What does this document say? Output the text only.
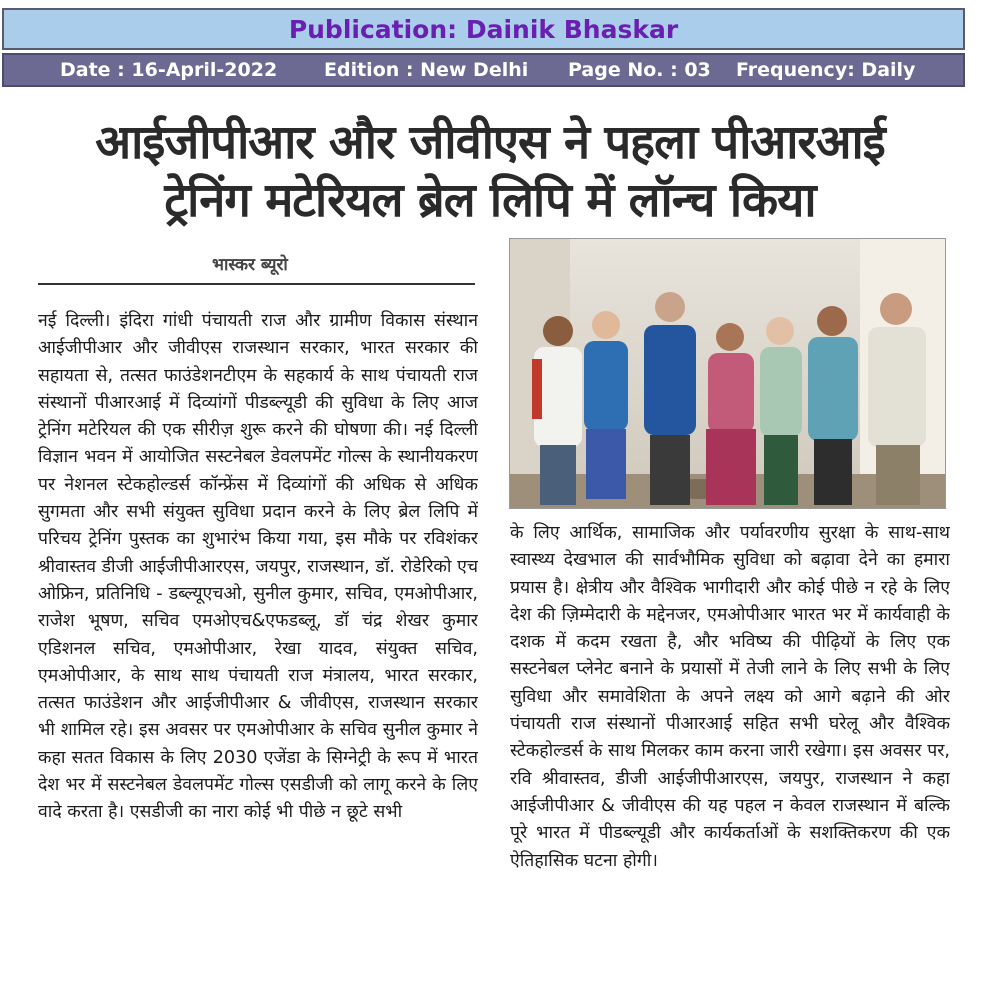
Publication: Dainik Bhaskar
Date : 16-April-2022 Edition : New Delhi Page No. : 03 Frequency: Daily
आईजीपीआर और जीवीएस ने पहला पीआरआई
ट्रेनिंग मटेरियल ब्रेल लिपि में लॉन्च किया
भास्कर ब्यूरो
नई दिल्ली। इंदिरा गांधी पंचायती राज और ग्रामीण विकास संस्थान आईजीपीआर और जीवीएस राजस्थान सरकार, भारत सरकार की सहायता से, तत्सत फाउंडेशनटीएम के सहकार्य के साथ पंचायती राज संस्थानों पीआरआई में दिव्यांगों पीडब्ल्यूडी की सुविधा के लिए आज ट्रेनिंग मटेरियल की एक सीरीज़ शुरू करने की घोषणा की। नई दिल्ली विज्ञान भवन में आयोजित सस्टनेबल डेवलपमेंट गोल्स के स्थानीयकरण पर नेशनल स्टेकहोल्डर्स कॉन्फ्रेंस में दिव्यांगों की अधिक से अधिक सुगमता और सभी संयुक्त सुविधा प्रदान करने के लिए ब्रेल लिपि में परिचय ट्रेनिंग पुस्तक का शुभारंभ किया गया, इस मौके पर रविशंकर श्रीवास्तव डीजी आईजीपीआरएस, जयपुर, राजस्थान, डॉ. रोडेरिको एच ओफ्रिन, प्रतिनिधि - डब्ल्यूएचओ, सुनील कुमार, सचिव, एमओपीआर, राजेश भूषण, सचिव एमओएच&एफडब्लू, डॉ चंद्र शेखर कुमार एडिशनल सचिव, एमओपीआर, रेखा यादव, संयुक्त सचिव, एमओपीआर, के साथ साथ पंचायती राज मंत्रालय, भारत सरकार, तत्सत फाउंडेशन और आईजीपीआर & जीवीएस, राजस्थान सरकार भी शामिल रहे। इस अवसर पर एमओपीआर के सचिव सुनील कुमार ने कहा सतत विकास के लिए 2030 एजेंडा के सिग्नेट्री के रूप में भारत देश भर में सस्टनेबल डेवलपमेंट गोल्स एसडीजी को लागू करने के लिए वादे करता है। एसडीजी का नारा कोई भी पीछे न छूटे सभी
के लिए आर्थिक, सामाजिक और पर्यावरणीय सुरक्षा के साथ-साथ स्वास्थ्य देखभाल की सार्वभौमिक सुविधा को बढ़ावा देने का हमारा प्रयास है। क्षेत्रीय और वैश्विक भागीदारी और कोई पीछे न रहे के लिए देश की ज़िम्मेदारी के मद्देनजर, एमओपीआर भारत भर में कार्यवाही के दशक में कदम रखता है, और भविष्य की पीढ़ियों के लिए एक सस्टनेबल प्लेनेट बनाने के प्रयासों में तेजी लाने के लिए सभी के लिए सुविधा और समावेशिता के अपने लक्ष्य को आगे बढ़ाने की ओर पंचायती राज संस्थानों पीआरआई सहित सभी घरेलू और वैश्विक स्टेकहोल्डर्स के साथ मिलकर काम करना जारी रखेगा। इस अवसर पर, रवि श्रीवास्तव, डीजी आईजीपीआरएस, जयपुर, राजस्थान ने कहा आईजीपीआर & जीवीएस की यह पहल न केवल राजस्थान में बल्कि पूरे भारत में पीडब्ल्यूडी और कार्यकर्ताओं के सशक्तिकरण की एक ऐतिहासिक घटना होगी।
